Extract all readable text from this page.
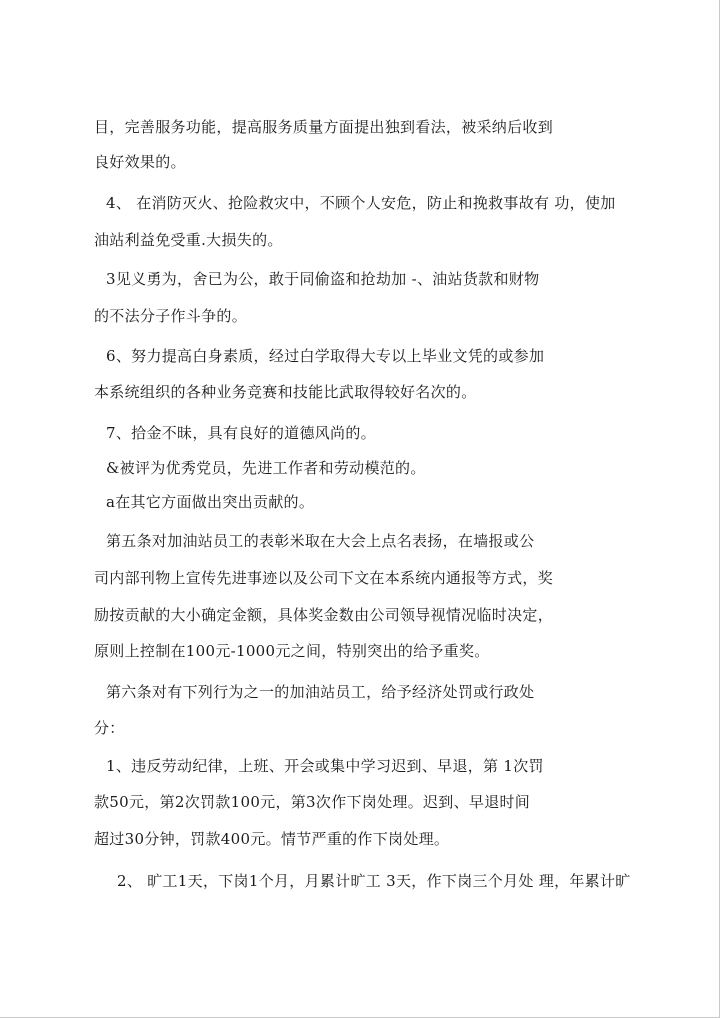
目，完善服务功能，提高服务质量方面提出独到看法，被采纳后收到
良好效果的。
4、 在消防灭火、抢险救灾中，不顾个人安危，防止和挽救事故有 功，使加
油站利益免受重.大损失的。
3见义勇为，舍已为公，敢于同偷盗和抢劫加 -、油站货款和财物
的不法分子作斗争的。
6、努力提高白身素质，经过白学取得大专以上毕业文凭的或参加
本系统组织的各种业务竞赛和技能比武取得较好名次的。
7、拾金不昧，具有良好的道德风尚的。
&被评为优秀党员，先进工作者和劳动模范的。
a在其它方面做出突出贡献的。
第五条对加油站员工的表彰米取在大会上点名表扬，在墙报或公
司内部刊物上宣传先进事迹以及公司下文在本系统内通报等方式，奖
励按贡献的大小确定金额，具体奖金数由公司领导视情况临时决定，
原则上控制在100元-1000元之间，特别突出的给予重奖。
第六条对有下列行为之一的加油站员工，给予经济处罚或行政处
分：
1、违反劳动纪律，上班、开会或集中学习迟到、早退，第 1次罚
款50元，第2次罚款100元，第3次作下岗处理。迟到、早退时间
超过30分钟，罚款400元。情节严重的作下岗处理。
2、 旷工1天，下岗1个月，月累计旷工 3天，作下岗三个月处 理，年累计旷
